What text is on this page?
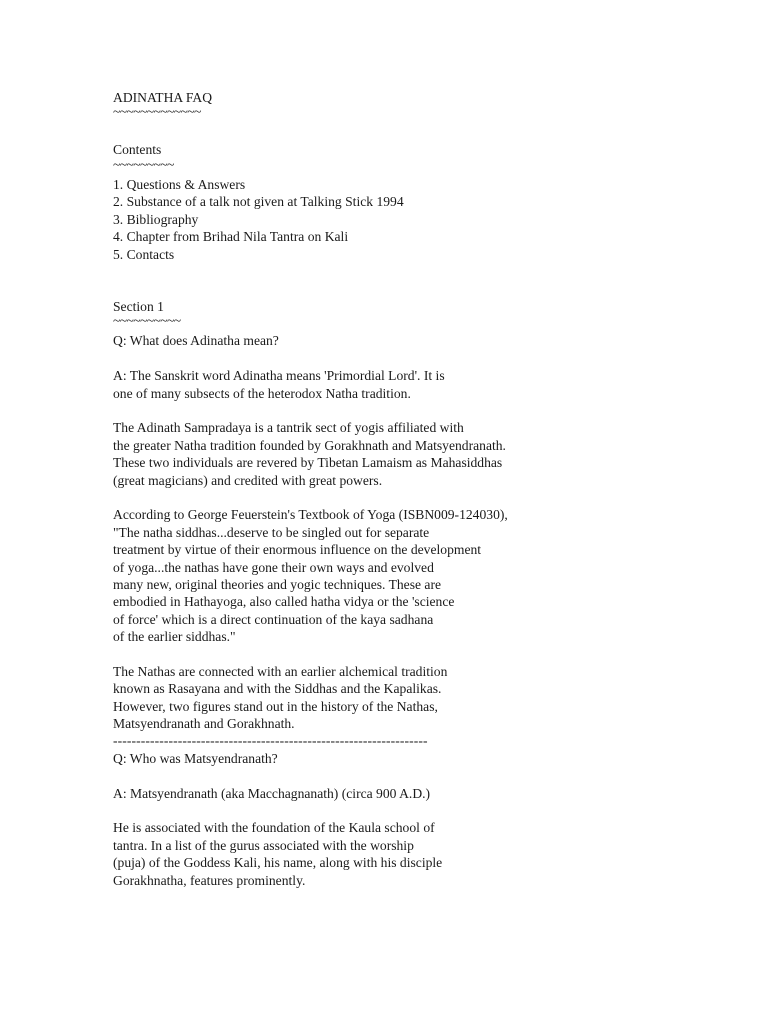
ADINATHA FAQ
~~~~~~~~~~~~~
Contents
~~~~~~~~~
1. Questions & Answers
2. Substance of a talk not given at Talking Stick 1994
3. Bibliography
4. Chapter from Brihad Nila Tantra on Kali
5. Contacts
Section 1
~~~~~~~~~~
Q: What does Adinatha mean?
A: The Sanskrit word Adinatha means 'Primordial Lord'. It is
one of many subsects of the heterodox Natha tradition.
The Adinath Sampradaya is a tantrik sect of yogis affiliated with
the greater Natha tradition founded by Gorakhnath and Matsyendranath.
These two individuals are revered by Tibetan Lamaism as Mahasiddhas
(great magicians) and credited with great powers.
According to George Feuerstein's Textbook of Yoga (ISBN009-124030),
"The natha siddhas...deserve to be singled out for separate
treatment by virtue of their enormous influence on the development
of yoga...the nathas have gone their own ways and evolved
many new, original theories and yogic techniques. These are
embodied in Hathayoga, also called hatha vidya or the 'science
of force' which is a direct continuation of the kaya sadhana
of the earlier siddhas."
The Nathas are connected with an earlier alchemical tradition
known as Rasayana and with the Siddhas and the Kapalikas.
However, two figures stand out in the history of the Nathas,
Matsyendranath and Gorakhnath.
--------------------------------------------------------------------
Q: Who was Matsyendranath?
A: Matsyendranath (aka Macchagnanath) (circa 900 A.D.)
He is associated with the foundation of the Kaula school of
tantra. In a list of the gurus associated with the worship
(puja) of the Goddess Kali, his name, along with his disciple
Gorakhnatha, features prominently.
